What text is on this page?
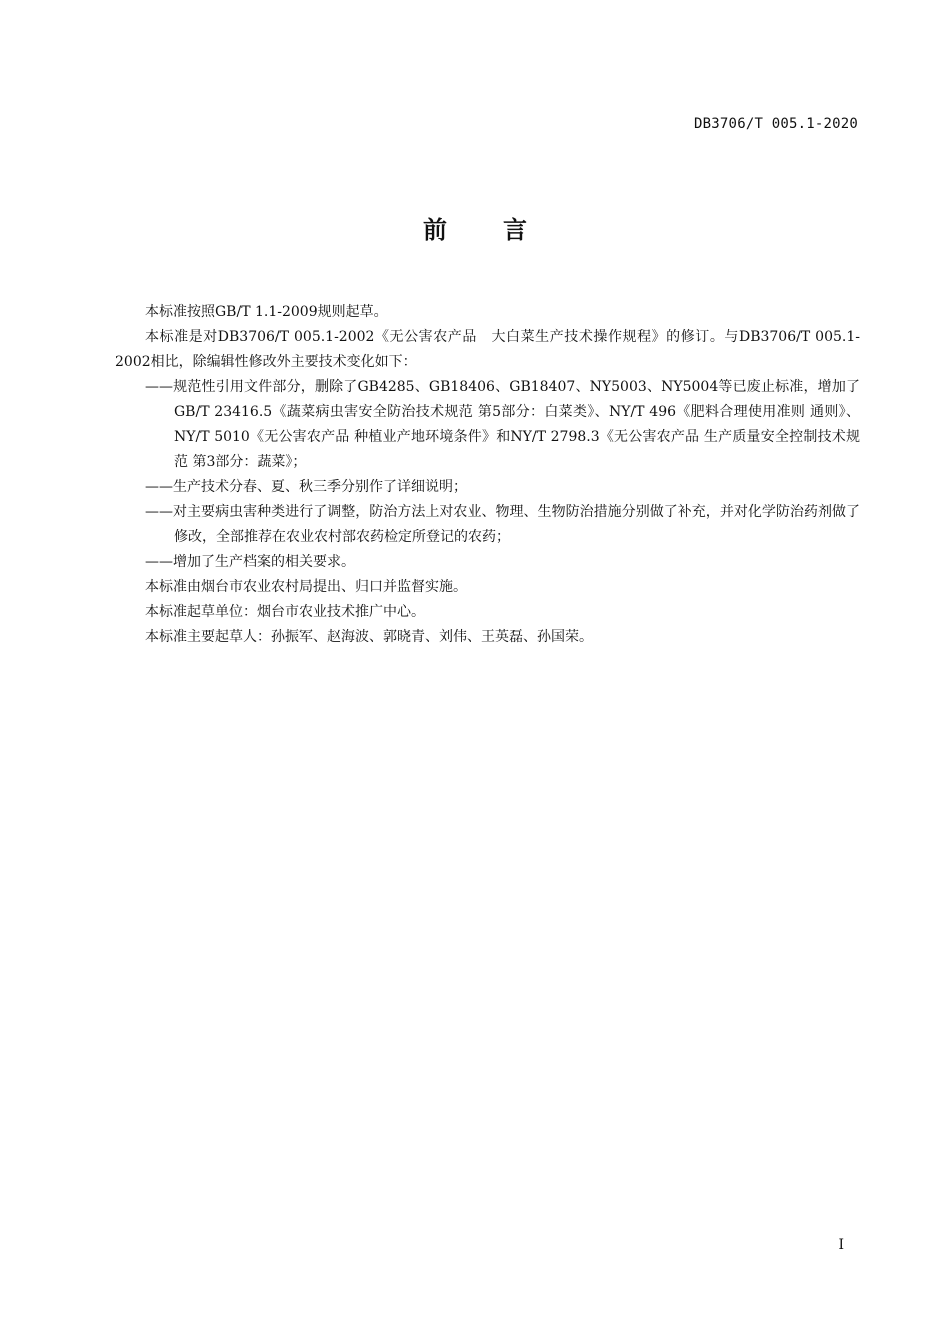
DB3706/T 005.1-2020
前言

本标准按照GB/T 1.1-2009规则起草。

本标准是对DB3706/T 005.1-2002《无公害农产品　大白菜生产技术操作规程》的修订。与DB3706/T 005.1-2002相比，除编辑性修改外主要技术变化如下：

——规范性引用文件部分，删除了GB4285、GB18406、GB18407、NY5003、NY5004等已废止标准，增加了GB/T 23416.5《蔬菜病虫害安全防治技术规范 第5部分：白菜类》、NY/T 496《肥料合理使用准则 通则》、NY/T 5010《无公害农产品 种植业产地环境条件》和NY/T 2798.3《无公害农产品 生产质量安全控制技术规范 第3部分：蔬菜》；

——生产技术分春、夏、秋三季分别作了详细说明；

——对主要病虫害种类进行了调整，防治方法上对农业、物理、生物防治措施分别做了补充，并对化学防治药剂做了修改，全部推荐在农业农村部农药检定所登记的农药；

——增加了生产档案的相关要求。

本标准由烟台市农业农村局提出、归口并监督实施。

本标准起草单位：烟台市农业技术推广中心。

本标准主要起草人：孙振军、赵海波、郭晓青、刘伟、王英磊、孙国荣。

I
